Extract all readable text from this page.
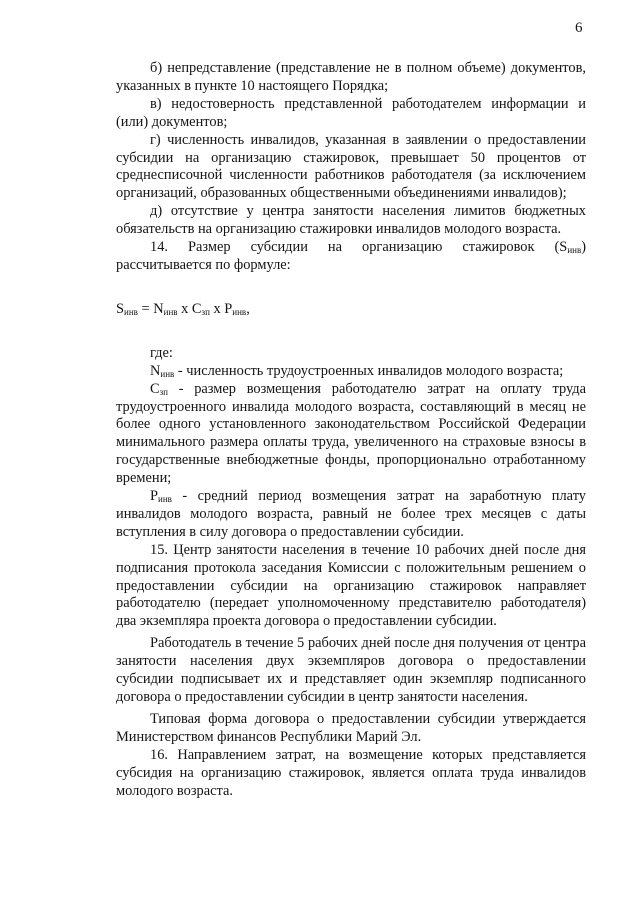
6

б) непредставление (представление не в полном объеме) документов, указанных в пункте 10 настоящего Порядка;

в) недостоверность представленной работодателем информации и (или) документов;

г) численность инвалидов, указанная в заявлении о предоставлении субсидии на организацию стажировок, превышает 50 процентов от среднесписочной численности работников работодателя (за исключением организаций, образованных общественными объединениями инвалидов);

д) отсутствие у центра занятости населения лимитов бюджетных обязательств на организацию стажировки инвалидов молодого возраста.

14. Размер субсидии на организацию стажировок $(S_{инв})$ рассчитывается по формуле:

$S_{инв} = N_{инв}$ x $C_{зп}$ x $P_{инв}$,

где:

$N_{инв}$ - численность трудоустроенных инвалидов молодого возраста;

$C_{зп}$ - размер возмещения работодателю затрат на оплату труда трудоустроенного инвалида молодого возраста, составляющий в месяц не более одного установленного законодательством Российской Федерации минимального размера оплаты труда, увеличенного на страховые взносы в государственные внебюджетные фонды, пропорционально отработанному времени;

$P_{инв}$ - средний период возмещения затрат на заработную плату инвалидов молодого возраста, равный не более трех месяцев с даты вступления в силу договора о предоставлении субсидии.

15. Центр занятости населения в течение 10 рабочих дней после дня подписания протокола заседания Комиссии с положительным решением о предоставлении субсидии на организацию стажировок направляет работодателю (передает уполномоченному представителю работодателя) два экземпляра проекта договора о предоставлении субсидии.

Работодатель в течение 5 рабочих дней после дня получения от центра занятости населения двух экземпляров договора о предоставлении субсидии подписывает их и представляет один экземпляр подписанного договора о предоставлении субсидии в центр занятости населения.

Типовая форма договора о предоставлении субсидии утверждается Министерством финансов Республики Марий Эл.

16. Направлением затрат, на возмещение которых представляется субсидия на организацию стажировок, является оплата труда инвалидов молодого возраста.
